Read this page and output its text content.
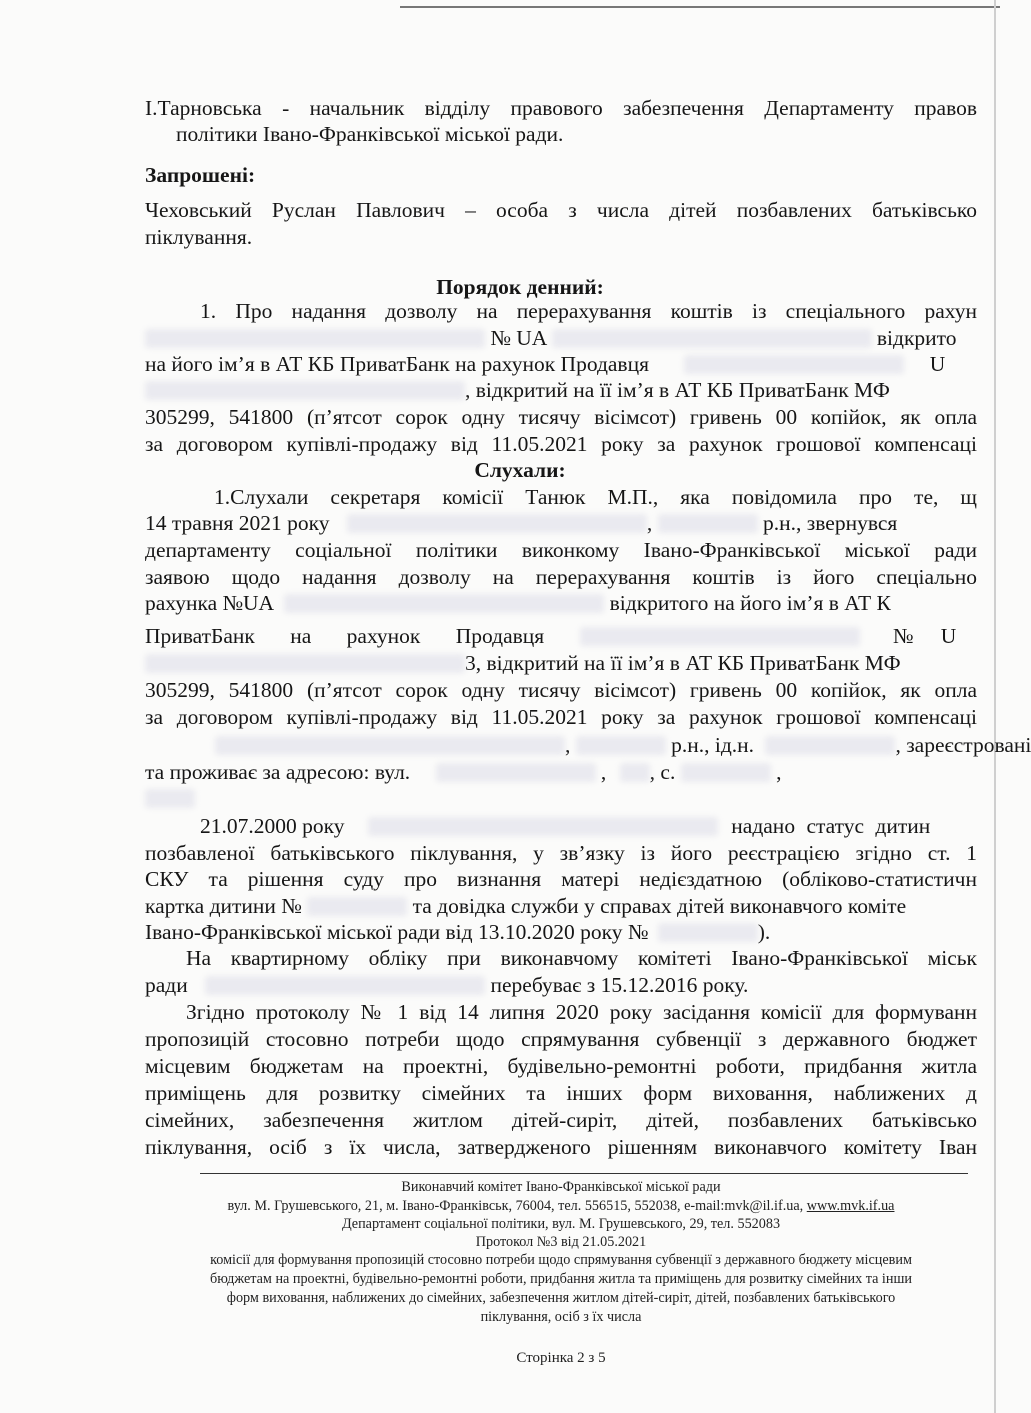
І.Тарновська - начальник відділу правового забезпечення Департаменту правов
політики Івано-Франківської міської ради.
Запрошені:
Чеховський Руслан Павлович – особа з числа дітей позбавлених батьківсько
піклування.
Порядок денний:
1. Про надання дозволу на перерахування коштів із спеціального рахун
№ UA	відкрито
на його ім’я в АТ КБ ПриватБанк на рахунок Продавця	U
, відкритий на її ім’я в АТ КБ ПриватБанк МФ
305299, 541800 (п’ятсот сорок одну тисячу вісімсот) гривень 00 копійок, як опла
за договором купівлі-продажу від 11.05.2021 року за рахунок грошової компенсаці
Слухали:
1.Слухали секретаря комісії Танюк М.П., яка повідомила про те, щ
14 травня 2021 року	,	р.н., звернувся
департаменту соціальної політики виконкому Івано-Франківської міської ради
заявою щодо надання дозволу на перерахування коштів із його спеціально
рахунка №UA	відкритого на його ім’я в АТ К
ПриватБанк на рахунок Продавця	№ U
3, відкритий на її ім’я в АТ КБ ПриватБанк МФ
305299, 541800 (п’ятсот сорок одну тисячу вісімсот) гривень 00 копійок, як опла
за договором купівлі-продажу від 11.05.2021 року за рахунок грошової компенсаці
,	р.н., ід.н.	, зареєстровані
та проживає за адресою: вул.	, , с.	,
21.07.2000 року	надано статус дитин
позбавленої батьківського піклування, у зв’язку із його реєстрацією згідно ст. 1
СКУ та рішення суду про визнання матері недієздатною (обліково-статистичн
картка дитини №	та довідка служби у справах дітей виконавчого коміте
Івано-Франківської міської ради від 13.10.2020 року №	).
На квартирному обліку при виконавчому комітеті Івано-Франківської міськ
ради	перебуває з 15.12.2016 року.
Згідно протоколу № 1 від 14 липня 2020 року засідання комісії для формуванн
пропозицій стосовно потреби щодо спрямування субвенції з державного бюджет
місцевим бюджетам на проектні, будівельно-ремонтні роботи, придбання житла
приміщень для розвитку сімейних та інших форм виховання, наближених д
сімейних, забезпечення житлом дітей-сиріт, дітей, позбавлених батьківсько
піклування, осіб з їх числа, затвердженого рішенням виконавчого комітету Іван
Виконавчий комітет Івано-Франківської міської ради
вул. М. Грушевського, 21, м. Івано-Франківськ, 76004, тел. 556515, 552038, e-mail:mvk@il.if.ua, www.mvk.if.ua
Департамент соціальної політики, вул. М. Грушевського, 29, тел. 552083
Протокол №3 від 21.05.2021
комісії для формування пропозицій стосовно потреби щодо спрямування субвенції з державного бюджету місцевим
бюджетам на проектні, будівельно-ремонтні роботи, придбання житла та приміщень для розвитку сімейних та інши
форм виховання, наближених до сімейних, забезпечення житлом дітей-сиріт, дітей, позбавлених батьківського
піклування, осіб з їх числа
Сторінка 2 з 5
